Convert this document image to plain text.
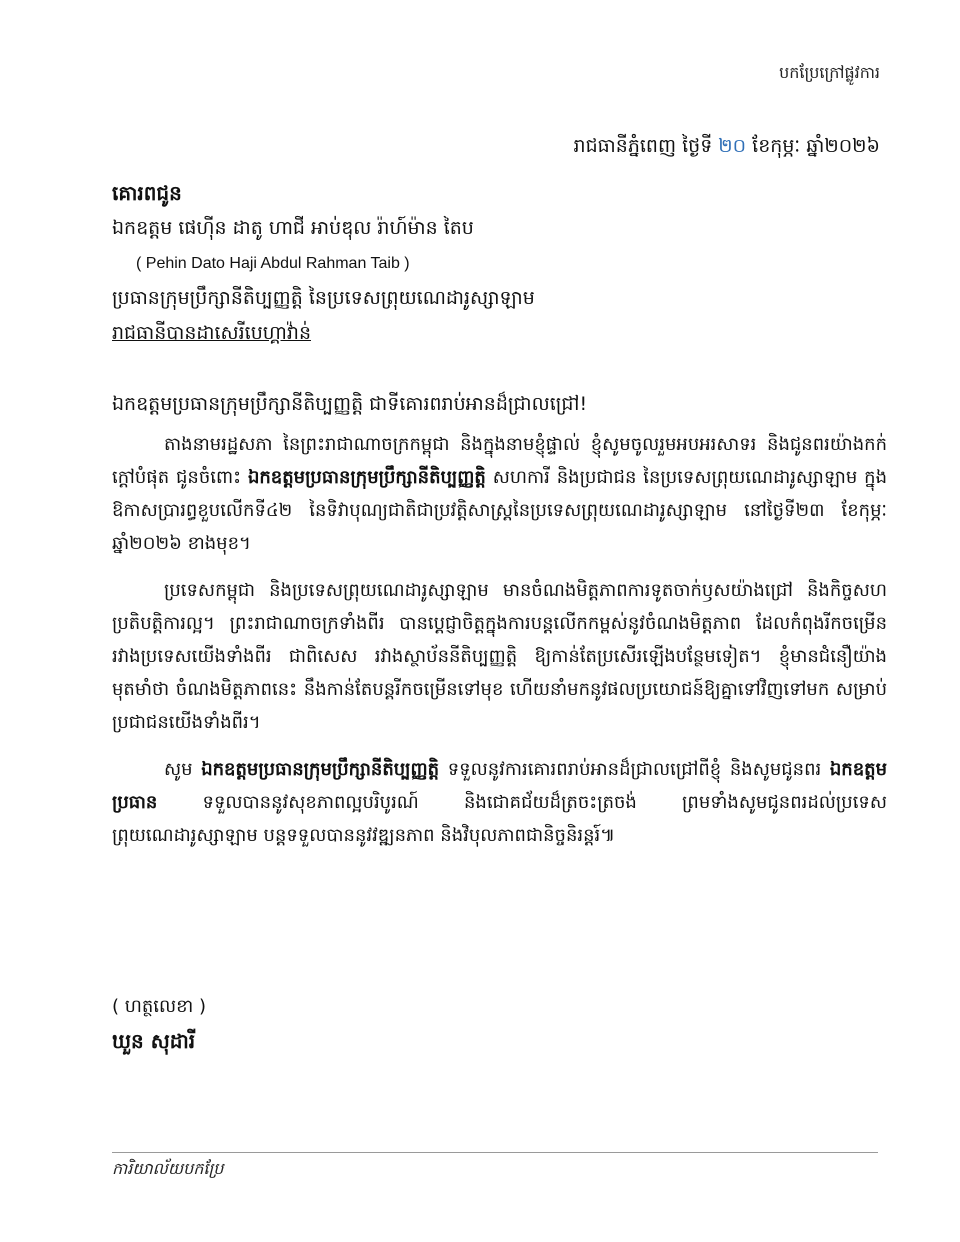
បកប្រែក្រៅផ្លូវការ
រាជធានីភ្នំពេញ ថ្ងៃទី ២០ ខែកុម្ភៈ ឆ្នាំ២០២៦
គោរពជូន
ឯកឧត្តម ផេហ៊ីន ដាតូ ហាជី អាប់ឌុល រ៉ាហ៍ម៉ាន តៃប
( Pehin Dato Haji Abdul Rahman Taib )
ប្រធានក្រុមប្រឹក្សានីតិប្បញ្ញត្តិ នៃប្រទេសព្រុយណេដារូស្សាឡាម
រាជធានីបានដាសេរីបេហ្គាវ៉ាន់
ឯកឧត្តមប្រធានក្រុមប្រឹក្សានីតិប្បញ្ញត្តិ ជាទីគោរពរាប់អានដ៏ជ្រាលជ្រៅ!

តាងនាមរដ្ឋសភា នៃព្រះរាជាណាចក្រកម្ពុជា និងក្នុងនាមខ្ញុំផ្ទាល់ ខ្ញុំសូមចូលរួមអបអរសាទរ និងជូនពរយ៉ាងកក់ក្តៅបំផុត ជូនចំពោះ ឯកឧត្តមប្រធានក្រុមប្រឹក្សានីតិប្បញ្ញត្តិ សហការី និងប្រជាជន នៃប្រទេសព្រុយណេដារូស្សាឡាម ក្នុងឱកាសប្រារព្ធខួបលើកទី៤២ នៃទិវាបុណ្យជាតិជាប្រវត្តិសាស្ត្រនៃប្រទេសព្រុយណេដារូស្សាឡាម នៅថ្ងៃទី២៣ ខែកុម្ភៈ ឆ្នាំ២០២៦ ខាងមុខ។

ប្រទេសកម្ពុជា និងប្រទេសព្រុយណេដារូស្សាឡាម មានចំណងមិត្តភាពការទូតចាក់ឫសយ៉ាងជ្រៅ និងកិច្ចសហប្រតិបត្តិការល្អ។ ព្រះរាជាណាចក្រទាំងពីរ បានប្តេជ្ញាចិត្តក្នុងការបន្តលើកកម្ពស់នូវចំណងមិត្តភាព ដែលកំពុងរីកចម្រើន រវាងប្រទេសយើងទាំងពីរ ជាពិសេស រវាងស្ថាប័ននីតិប្បញ្ញត្តិ ឱ្យកាន់តែប្រសើរឡើងបន្ថែមទៀត។ ខ្ញុំមានជំនឿយ៉ាងមុតមាំថា ចំណងមិត្តភាពនេះ នឹងកាន់តែបន្តរីកចម្រើនទៅមុខ ហើយនាំមកនូវផលប្រយោជន៍ឱ្យគ្នាទៅវិញទៅមក សម្រាប់ប្រជាជនយើងទាំងពីរ។

សូម ឯកឧត្តមប្រធានក្រុមប្រឹក្សានីតិប្បញ្ញត្តិ ទទួលនូវការគោរពរាប់អានដ៏ជ្រាលជ្រៅពីខ្ញុំ និងសូមជូនពរ ឯកឧត្តមប្រធាន ទទួលបាននូវសុខភាពល្អបរិបូរណ៍ និងជោគជ័យដ៏ត្រចះត្រចង់ ព្រមទាំងសូមជូនពរដល់ប្រទេសព្រុយណេដារូស្សាឡាម បន្តទទួលបាននូវវឌ្ឍនភាព និងវិបុលភាពជានិច្ចនិរន្តរ៍៕

( ហត្ថលេខា )
ឃួន សុដារី
ការិយាល័យបកប្រែ
